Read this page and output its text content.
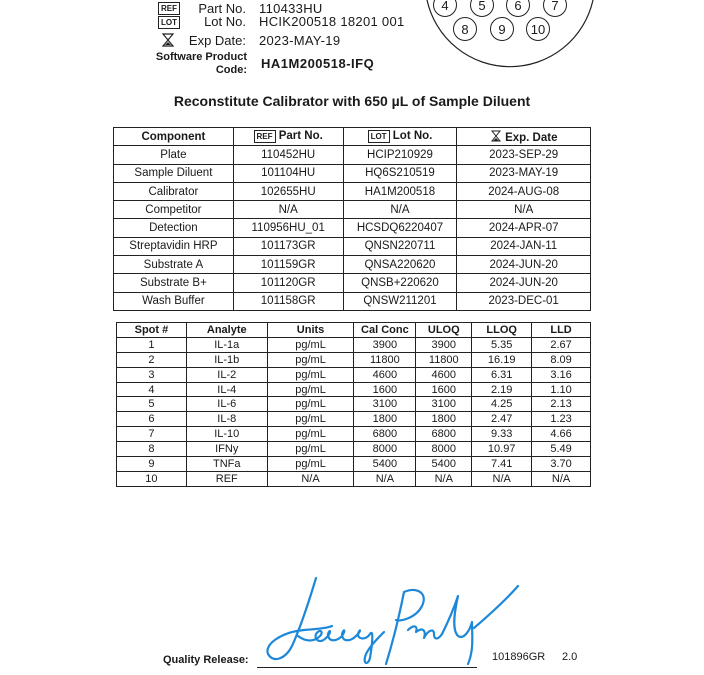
REF	Part No. 110433HU
LOT	Lot No. HCIK200518 18201 001
Exp Date: 2023-MAY-19
Software Product
Code: HA1M200518-IFQ
4	5	6	7
8	9	10
Reconstitute Calibrator with 650 µL of Sample Diluent
Component	REF Part No.	LOT Lot No.	Exp. Date
Plate	110452HU	HCIP210929	2023-SEP-29
Sample Diluent	101104HU	HQ6S210519	2023-MAY-19
Calibrator	102655HU	HA1M200518	2024-AUG-08
Competitor	N/A	N/A	N/A
Detection	110956HU_01	HCSDQ6220407	2024-APR-07
Streptavidin HRP	101173GR	QNSN220711	2024-JAN-11
Substrate A	101159GR	QNSA220620	2024-JUN-20
Substrate B+	101120GR	QNSB+220620	2024-JUN-20
Wash Buffer	101158GR	QNSW211201	2023-DEC-01
Spot #	Analyte	Units	Cal Conc	ULOQ	LLOQ	LLD
1	IL-1a	pg/mL	3900	3900	5.35	2.67
2	IL-1b	pg/mL	11800	11800	16.19	8.09
3	IL-2	pg/mL	4600	4600	6.31	3.16
4	IL-4	pg/mL	1600	1600	2.19	1.10
5	IL-6	pg/mL	3100	3100	4.25	2.13
6	IL-8	pg/mL	1800	1800	2.47	1.23
7	IL-10	pg/mL	6800	6800	9.33	4.66
8	IFNy	pg/mL	8000	8000	10.97	5.49
9	TNFa	pg/mL	5400	5400	7.41	3.70
10	REF	N/A	N/A	N/A	N/A	N/A
Quality Release:	101896GR 2.0
